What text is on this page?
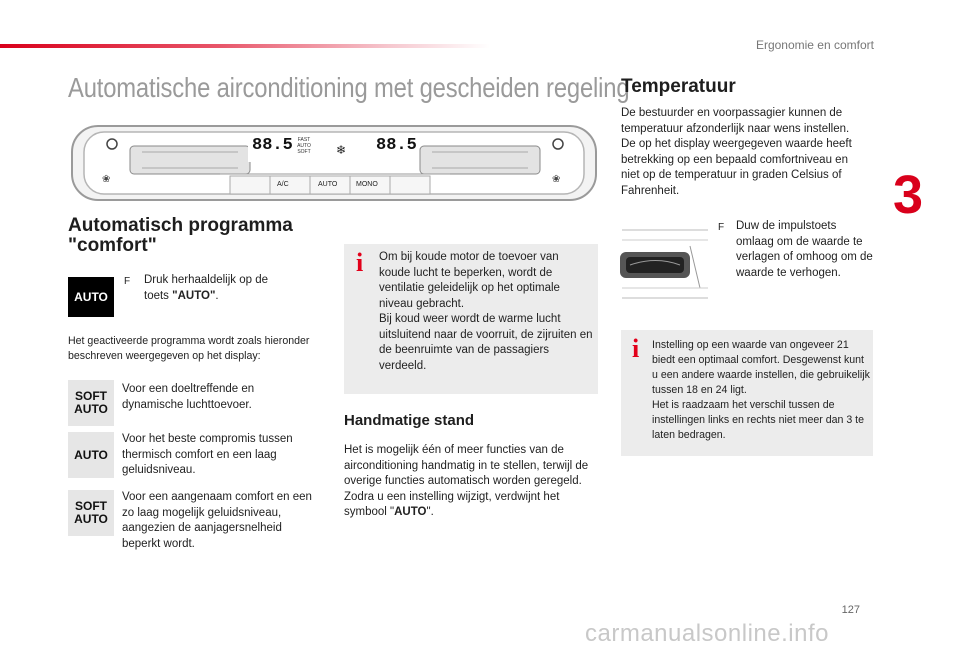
Ergonomie en comfort
3
Automatische airconditioning met gescheiden regeling
❀	❀
❄
88.5	88.5
FAST
AUTO
SOFT
A/C	AUTO	MONO
Automatisch programma "comfort"
AUTO
F Druk herhaaldelijk op de toets "AUTO".
Het geactiveerde programma wordt zoals hieronder beschreven weergegeven op het display:
SOFT
AUTO
Voor een doeltreffende en dynamische luchttoevoer.
AUTO
Voor het beste compromis tussen thermisch comfort en een laag geluidsniveau.
SOFT
AUTO
Voor een aangenaam comfort en een zo laag mogelijk geluidsniveau, aangezien de aanjagersnelheid beperkt wordt.
i Om bij koude motor de toevoer van koude lucht te beperken, wordt de ventilatie geleidelijk op het optimale niveau gebracht.
Bij koud weer wordt de warme lucht uitsluitend naar de voorruit, de zijruiten en de beenruimte van de passagiers verdeeld.
Handmatige stand
Het is mogelijk één of meer functies van de airconditioning handmatig in te stellen, terwijl de overige functies automatisch worden geregeld.
Zodra u een instelling wijzigt, verdwijnt het symbool "AUTO".
Temperatuur
De bestuurder en voorpassagier kunnen de temperatuur afzonderlijk naar wens instellen. De op het display weergegeven waarde heeft betrekking op een bepaald comfortniveau en niet op de temperatuur in graden Celsius of Fahrenheit.
F Duw de impulstoets omlaag om de waarde te verlagen of omhoog om de waarde te verhogen.
i Instelling op een waarde van ongeveer 21 biedt een optimaal comfort. Desgewenst kunt u een andere waarde instellen, die gebruikelijk tussen 18 en 24 ligt.
Het is raadzaam het verschil tussen de instellingen links en rechts niet meer dan 3 te laten bedragen.
127
carmanualsonline.info
